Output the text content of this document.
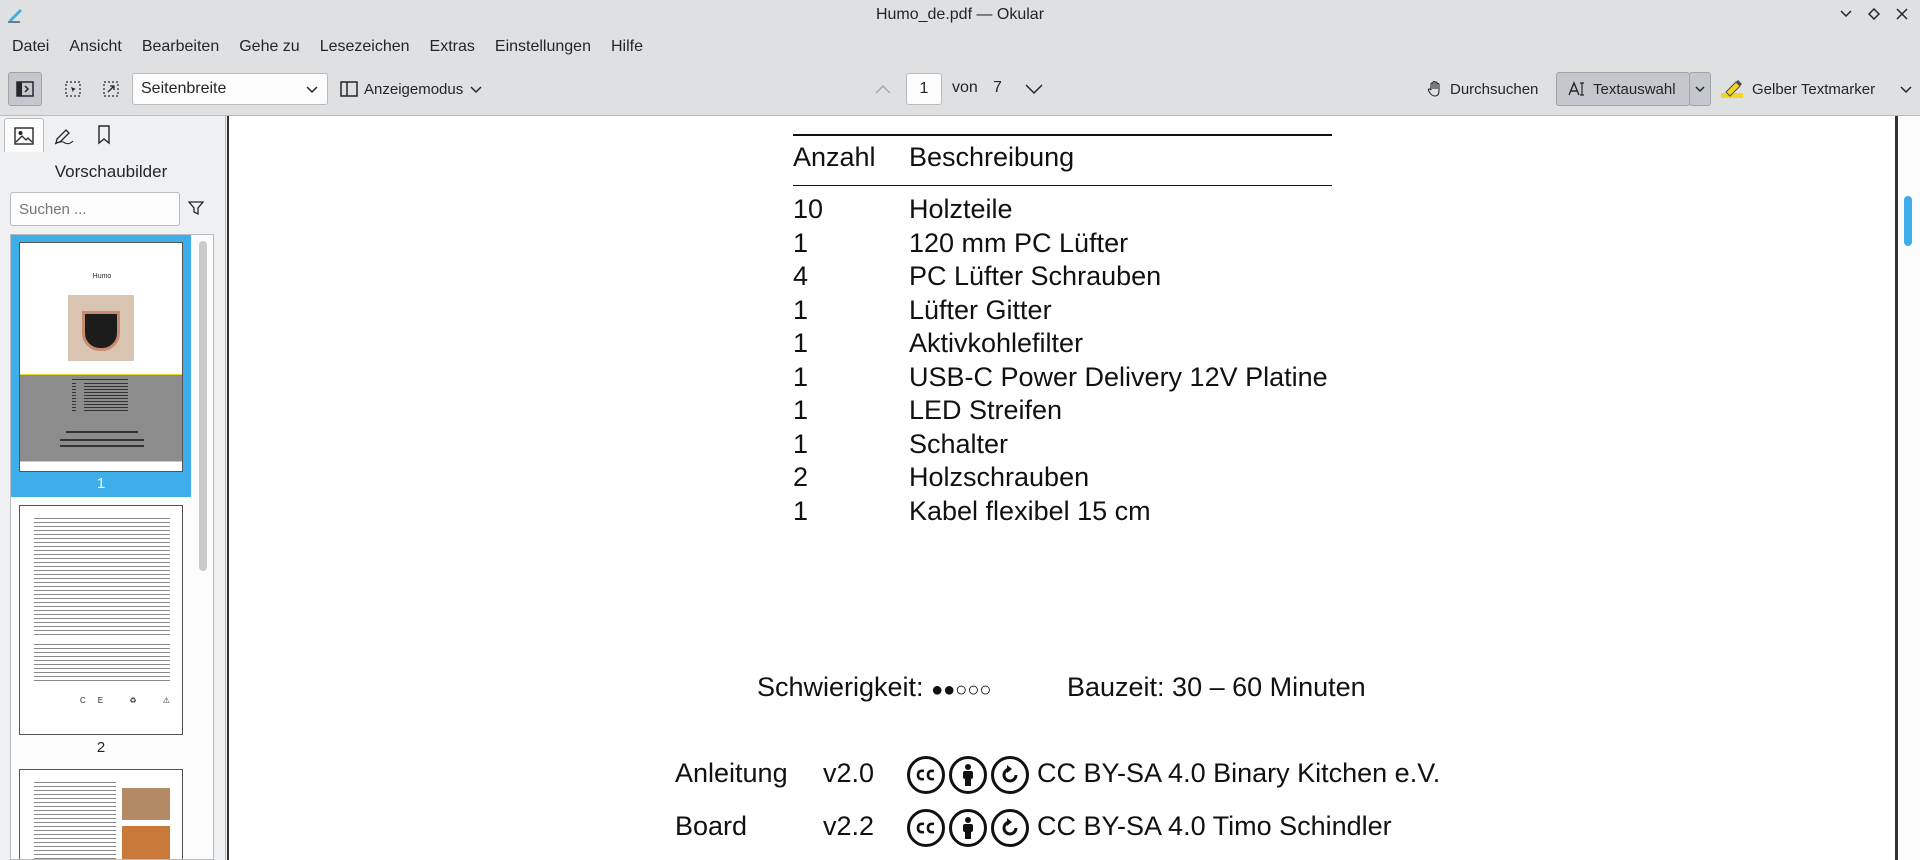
Humo_de.pdf — Okular
Datei	Ansicht	Bearbeiten	Gehe zu	Lesezeichen	Extras	Einstellungen	Hilfe
Seitenbreite	Anzeigemodus	von 7	Durchsuchen	Textauswahl	Gelber Textmarker
1
Vorschaubilder
Suchen ...
Humo
1
CE ♻ ⚠
2
Anzahl Beschreibung
10	Holzteile
1	120 mm PC Lüfter
4	PC Lüfter Schrauben
1	Lüfter Gitter
1	Aktivkohlefilter
1	USB-C Power Delivery 12V Platine
1	LED Streifen
1	Schalter
2	Holzschrauben
1	Kabel flexibel 15 cm
Schwierigkeit: ●●○○○	Bauzeit: 30 – 60 Minuten
Anleitung v2.0	CC BY-SA 4.0 Binary Kitchen e.V.
Board	v2.2	CC BY-SA 4.0 Timo Schindler
